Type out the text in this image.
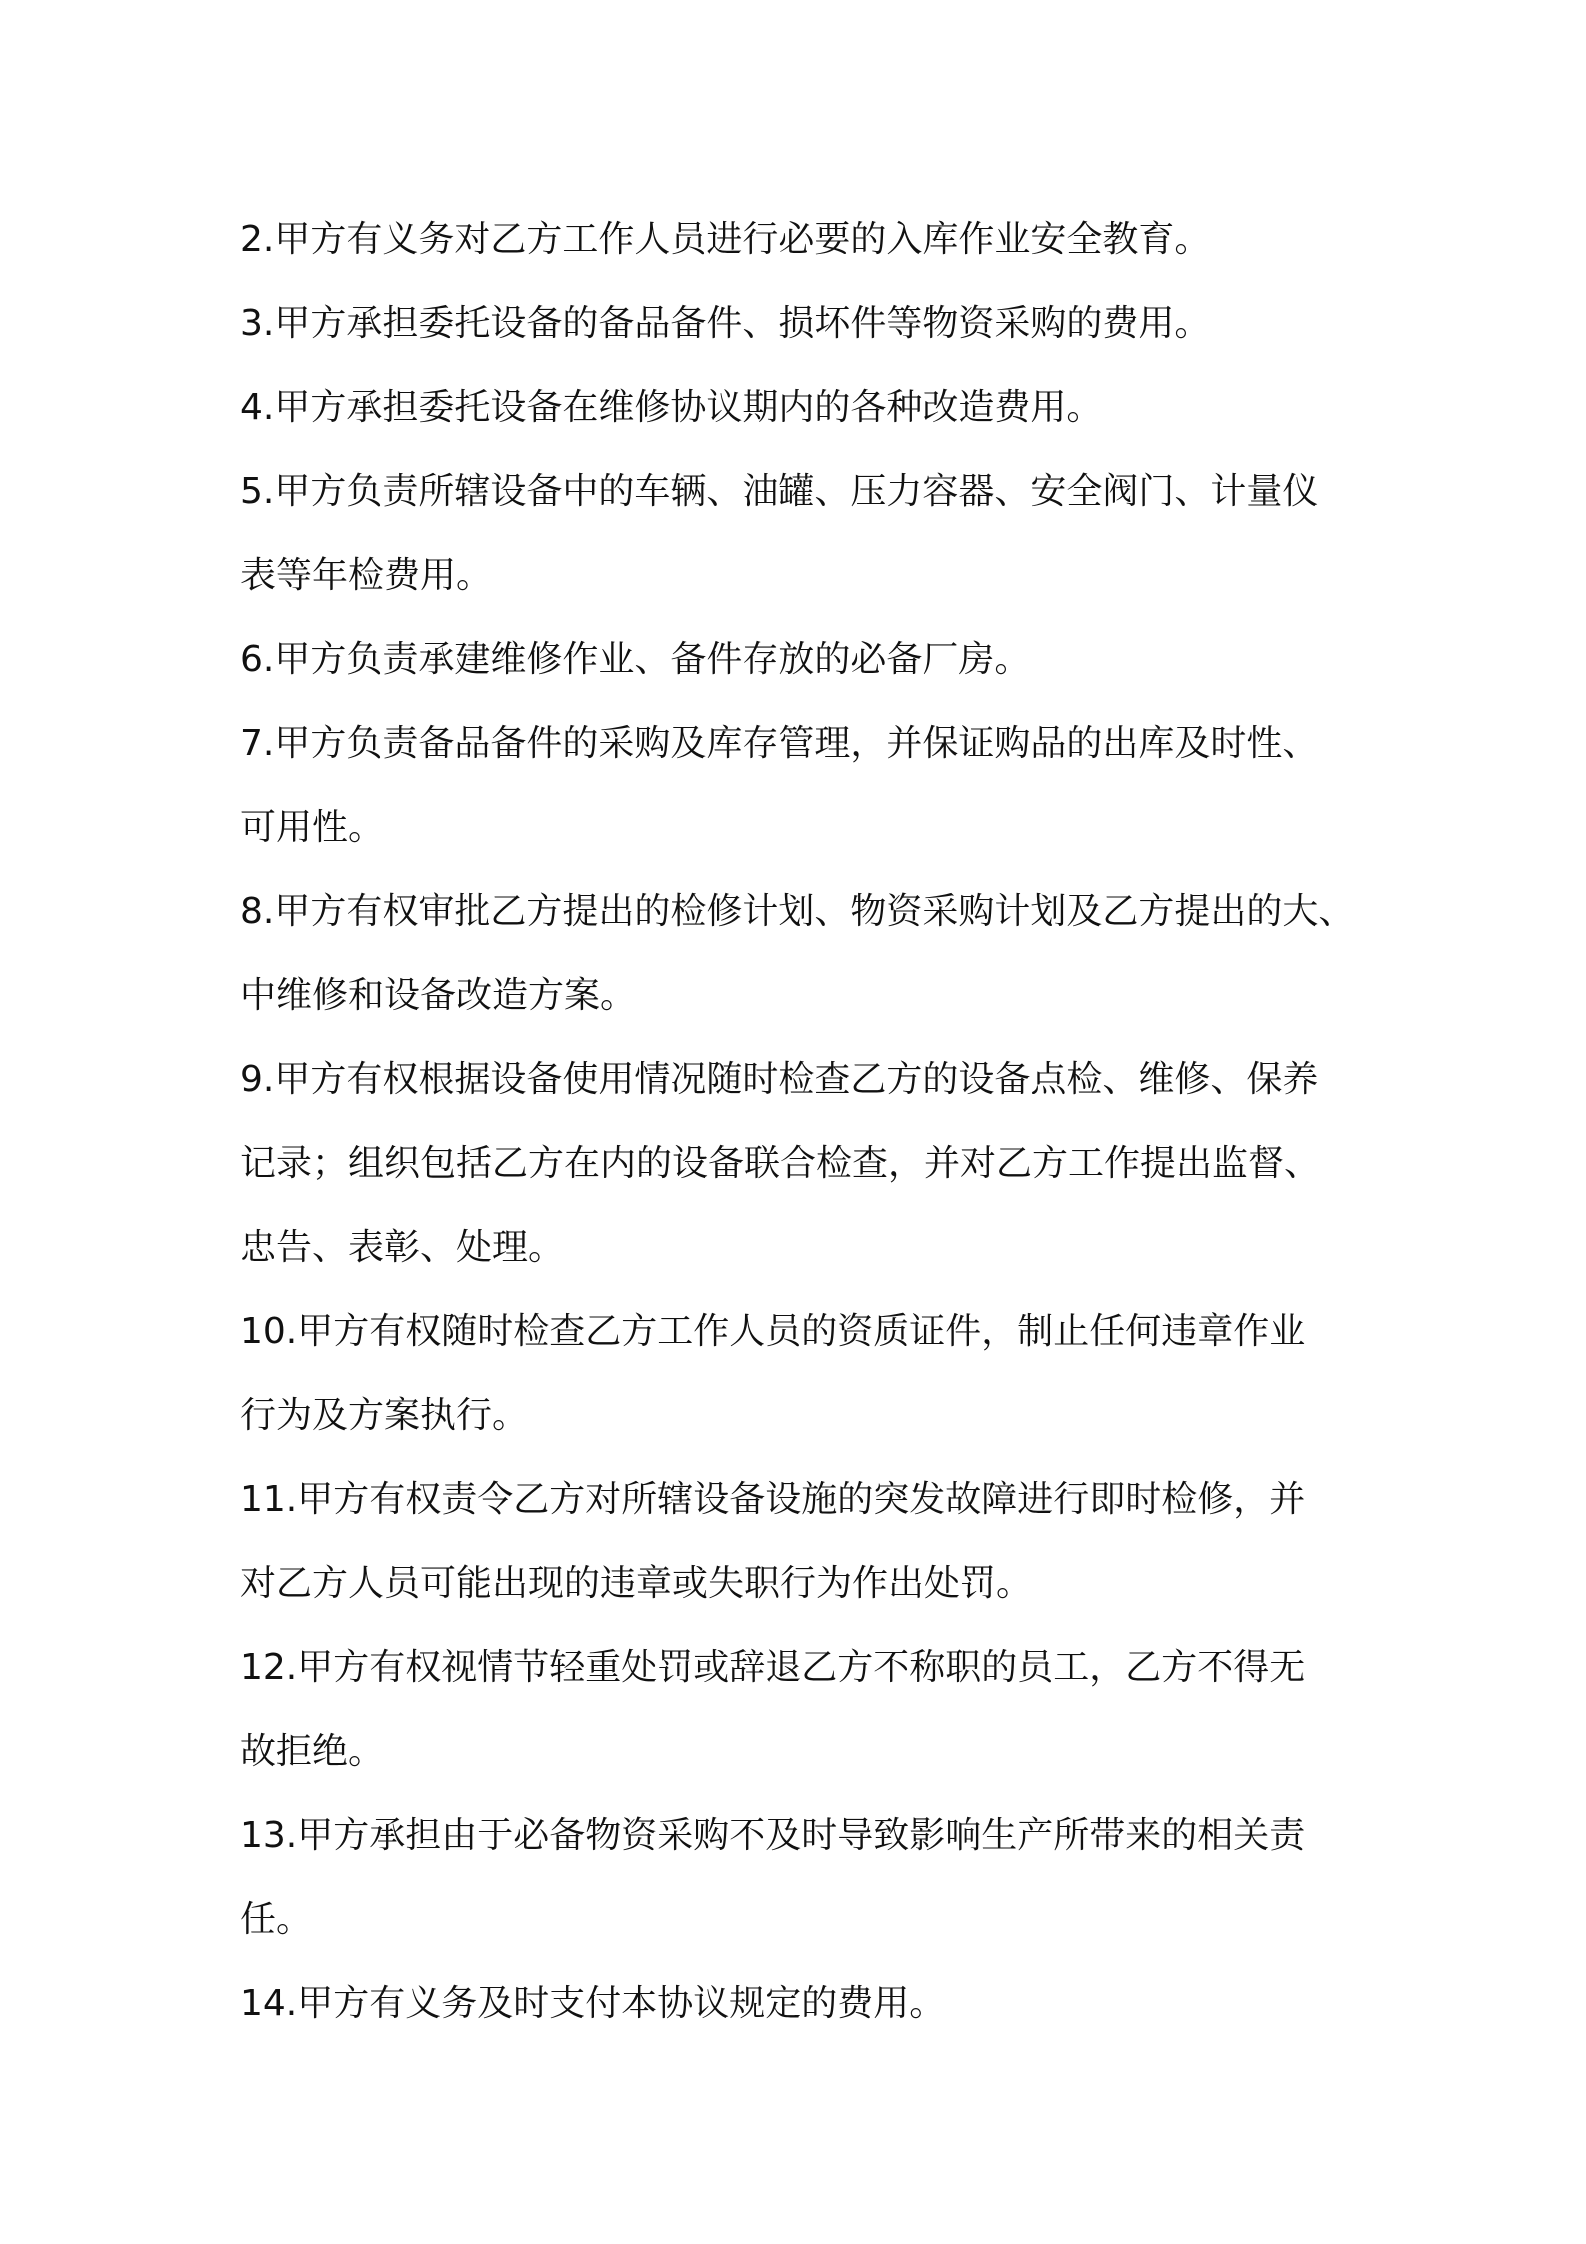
2.甲方有义务对乙方工作人员进行必要的入库作业安全教育。
3.甲方承担委托设备的备品备件、损坏件等物资采购的费用。
4.甲方承担委托设备在维修协议期内的各种改造费用。
5.甲方负责所辖设备中的车辆、油罐、压力容器、安全阀门、计量仪
表等年检费用。
6.甲方负责承建维修作业、备件存放的必备厂房。
7.甲方负责备品备件的采购及库存管理，并保证购品的出库及时性、
可用性。
8.甲方有权审批乙方提出的检修计划、物资采购计划及乙方提出的大、
中维修和设备改造方案。
9.甲方有权根据设备使用情况随时检查乙方的设备点检、维修、保养
记录；组织包括乙方在内的设备联合检查，并对乙方工作提出监督、
忠告、表彰、处理。
10.甲方有权随时检查乙方工作人员的资质证件，制止任何违章作业
行为及方案执行。
11.甲方有权责令乙方对所辖设备设施的突发故障进行即时检修，并
对乙方人员可能出现的违章或失职行为作出处罚。
12.甲方有权视情节轻重处罚或辞退乙方不称职的员工，乙方不得无
故拒绝。
13.甲方承担由于必备物资采购不及时导致影响生产所带来的相关责
任。
14.甲方有义务及时支付本协议规定的费用。
